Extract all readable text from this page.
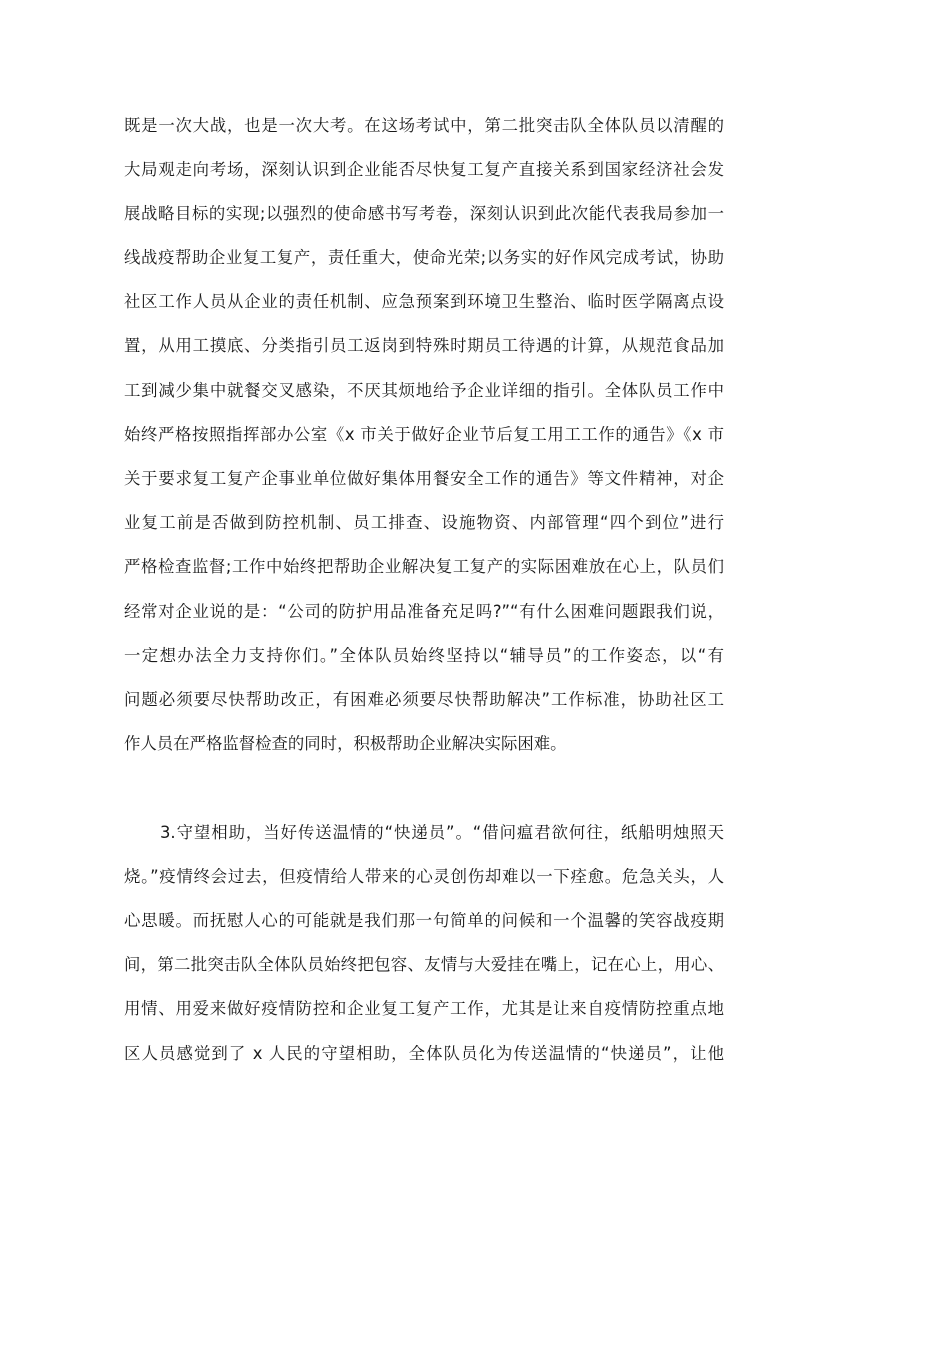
既是一次大战，也是一次大考。在这场考试中，第二批突击队全体队员以清醒的

大局观走向考场，深刻认识到企业能否尽快复工复产直接关系到国家经济社会发

展战略目标的实现;以强烈的使命感书写考卷，深刻认识到此次能代表我局参加一

线战疫帮助企业复工复产，责任重大，使命光荣;以务实的好作风完成考试，协助

社区工作人员从企业的责任机制、应急预案到环境卫生整治、临时医学隔离点设

置，从用工摸底、分类指引员工返岗到特殊时期员工待遇的计算，从规范食品加

工到减少集中就餐交叉感染，不厌其烦地给予企业详细的指引。全体队员工作中

始终严格按照指挥部办公室《x 市关于做好企业节后复工用工工作的通告》《x 市

关于要求复工复产企事业单位做好集体用餐安全工作的通告》等文件精神，对企

业复工前是否做到防控机制、员工排查、设施物资、内部管理“四个到位”进行

严格检查监督;工作中始终把帮助企业解决复工复产的实际困难放在心上，队员们

经常对企业说的是：“公司的防护用品准备充足吗?”“有什么困难问题跟我们说，

一定想办法全力支持你们。”全体队员始终坚持以“辅导员”的工作姿态，以“有

问题必须要尽快帮助改正，有困难必须要尽快帮助解决”工作标准，协助社区工

作人员在严格监督检查的同时，积极帮助企业解决实际困难。

3.守望相助，当好传送温情的“快递员”。“借问瘟君欲何往，纸船明烛照天

烧。”疫情终会过去，但疫情给人带来的心灵创伤却难以一下痊愈。危急关头，人

心思暖。而抚慰人心的可能就是我们那一句简单的问候和一个温馨的笑容战疫期

间，第二批突击队全体队员始终把包容、友情与大爱挂在嘴上，记在心上，用心、

用情、用爱来做好疫情防控和企业复工复产工作，尤其是让来自疫情防控重点地

区人员感觉到了 x 人民的守望相助，全体队员化为传送温情的“快递员”，让他
